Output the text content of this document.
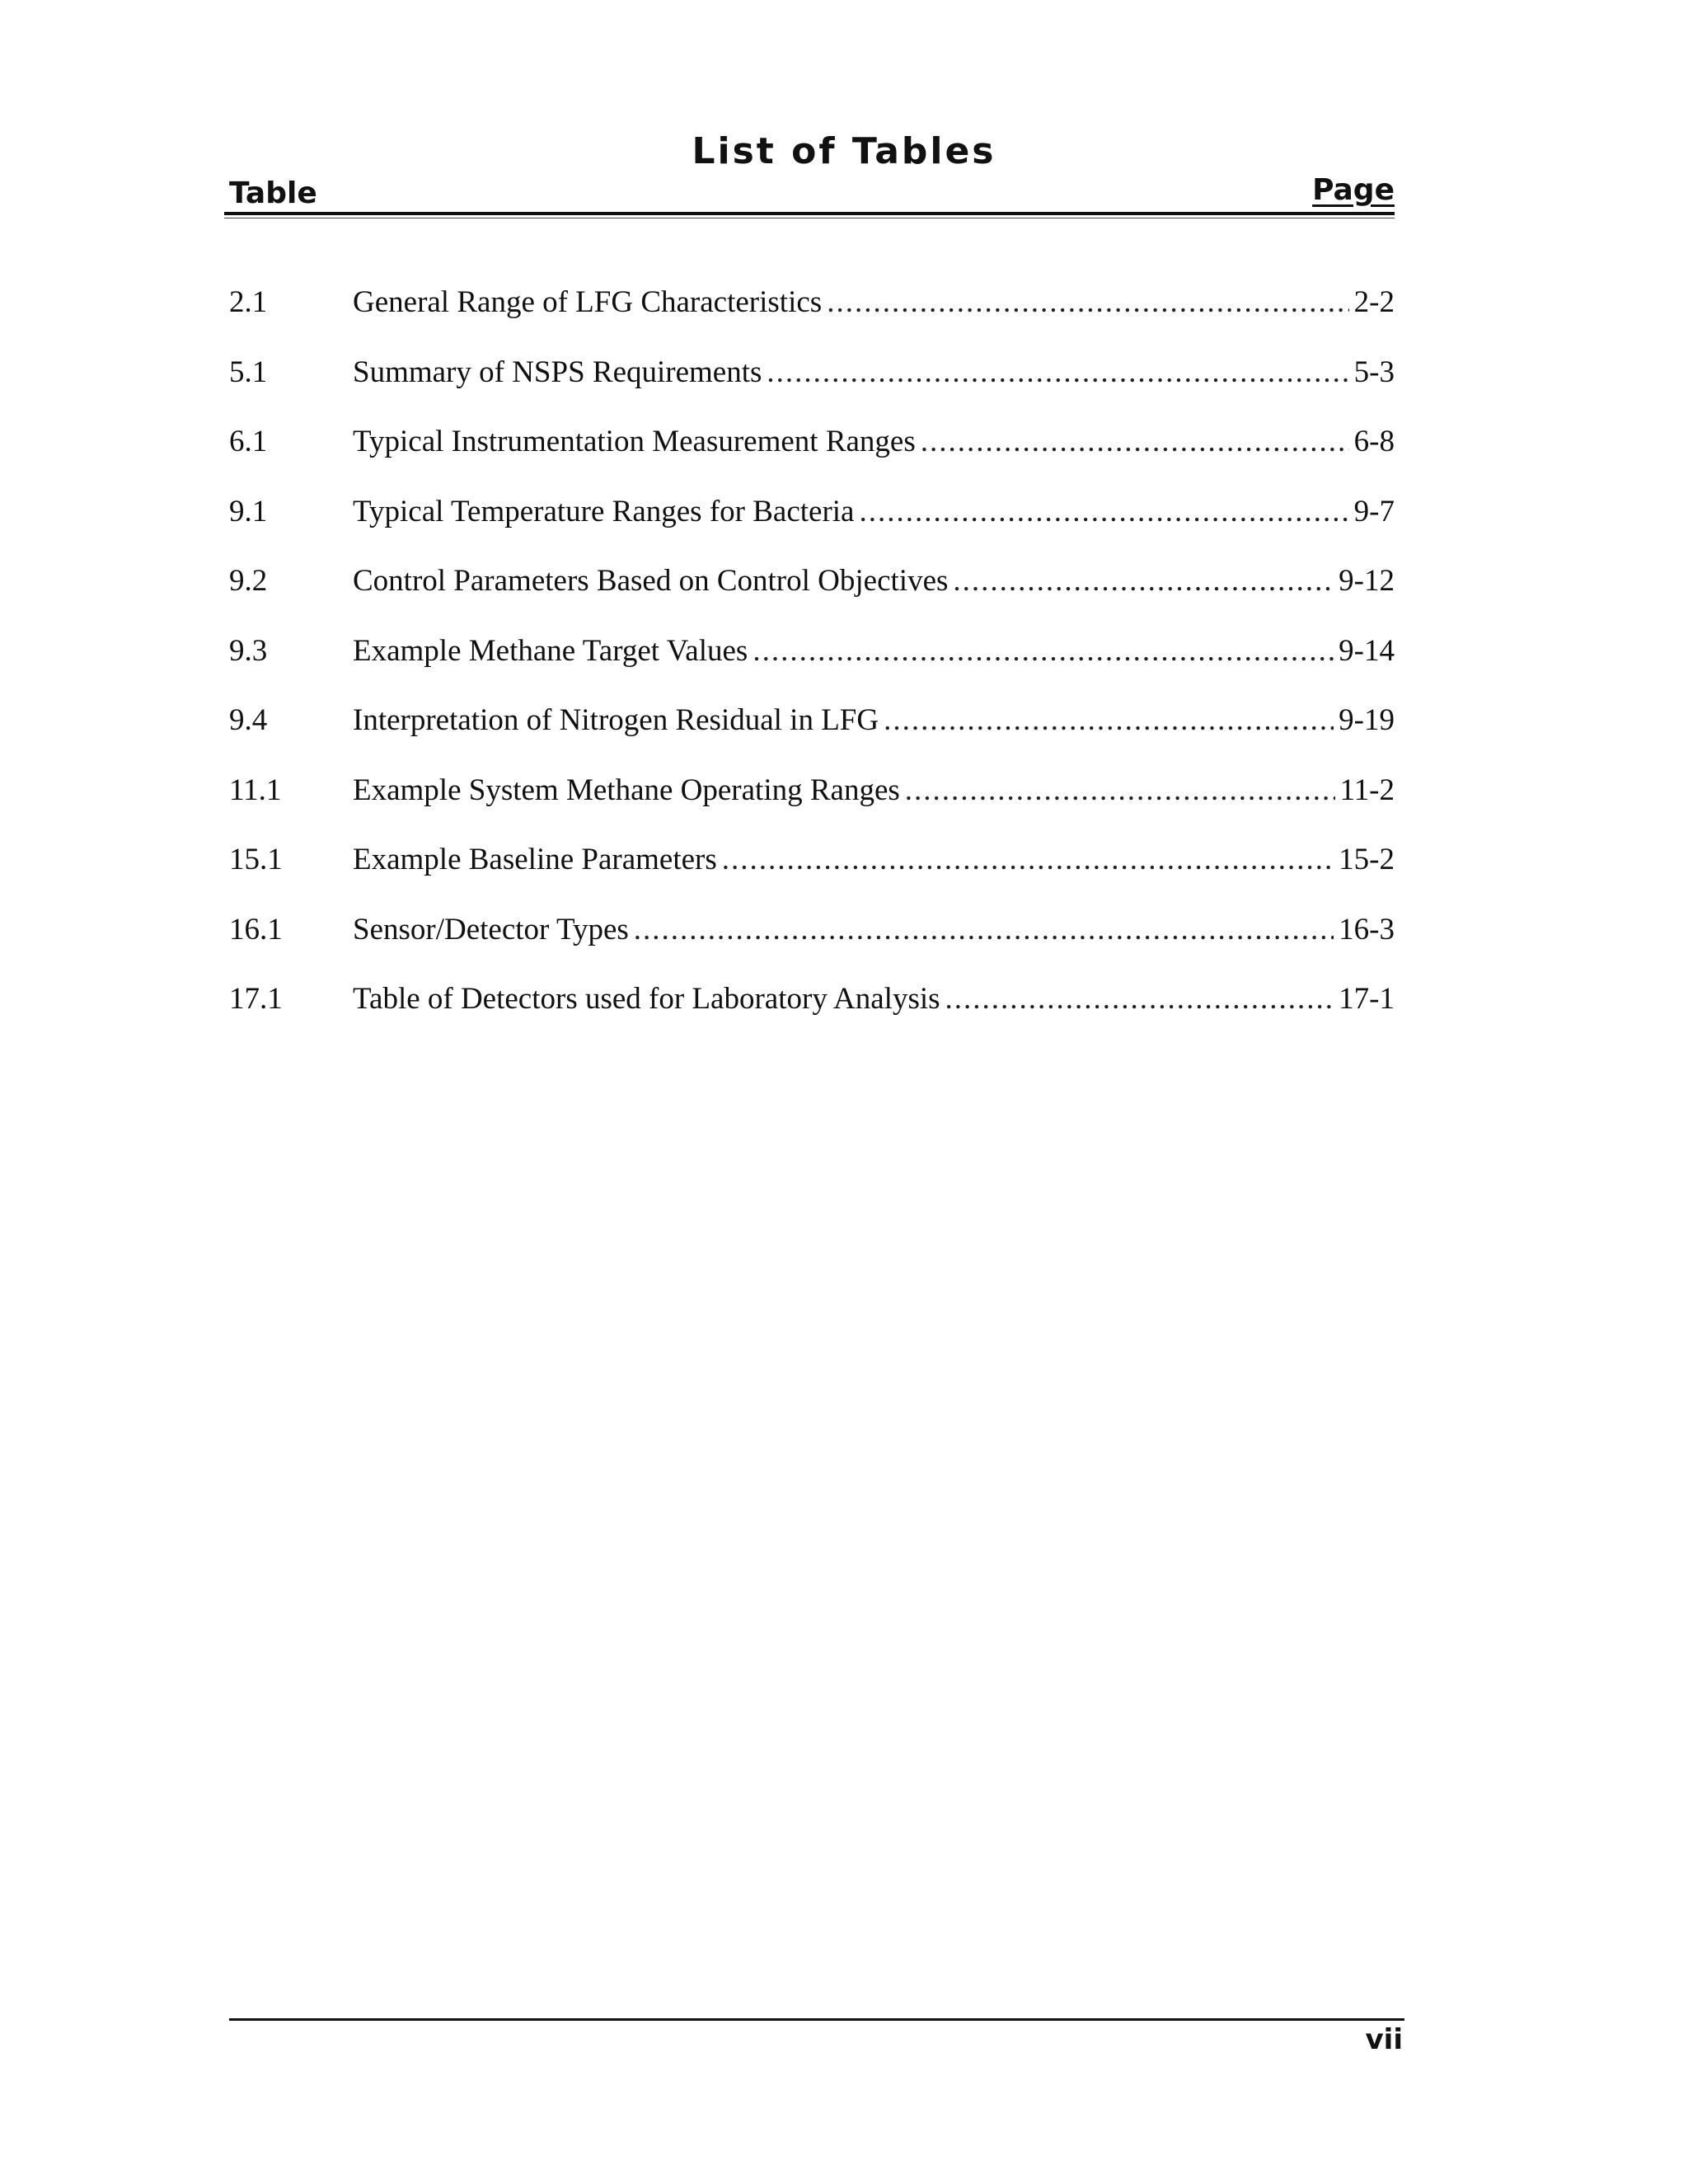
List of Tables
Table	Page
2.1	General Range of LFG Characteristics .....	2-2
5.1	Summary of NSPS Requirements .....	5-3
6.1	Typical Instrumentation Measurement Ranges .....	6-8
9.1	Typical Temperature Ranges for Bacteria .....	9-7
9.2	Control Parameters Based on Control Objectives .....	9-12
9.3	Example Methane Target Values .....	9-14
9.4	Interpretation of Nitrogen Residual in LFG .....	9-19
11.1	Example System Methane Operating Ranges .....	11-2
15.1	Example Baseline Parameters .....	15-2
16.1	Sensor/Detector Types .....	16-3
17.1	Table of Detectors used for Laboratory Analysis .....	17-1
vii
